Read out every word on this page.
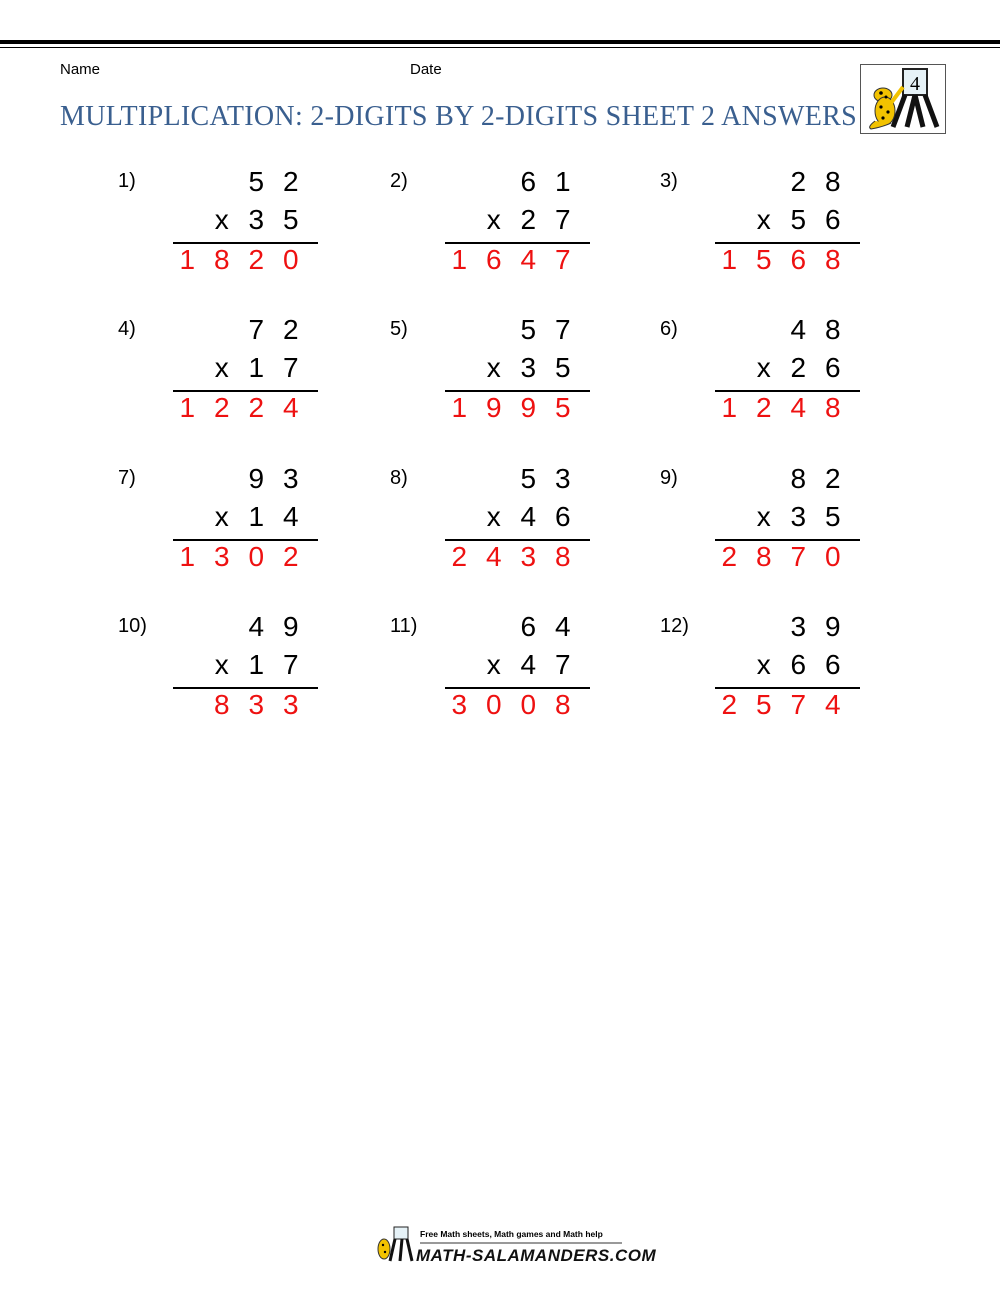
Name	Date
MULTIPLICATION: 2-DIGITS BY 2-DIGITS SHEET 2 ANSWERS
4
1)	5 2
x 3 5
1 8 2 0
2)	6 1
x 2 7
1 6 4 7
3)	2 8
x 5 6
1 5 6 8
4)	7 2
x 1 7
1 2 2 4
5)	5 7
x 3 5
1 9 9 5
6)	4 8
x 2 6
1 2 4 8
7)	9 3
x 1 4
1 3 0 2
8)	5 3
x 4 6
2 4 3 8
9)	8 2
x 3 5
2 8 7 0
10)	4 9
x 1 7
8 3 3
11)	6 4
x 4 7
3 0 0 8
12)	3 9
x 6 6
2 5 7 4
Free Math sheets, Math games and Math help
MATH-SALAMANDERS.COM
